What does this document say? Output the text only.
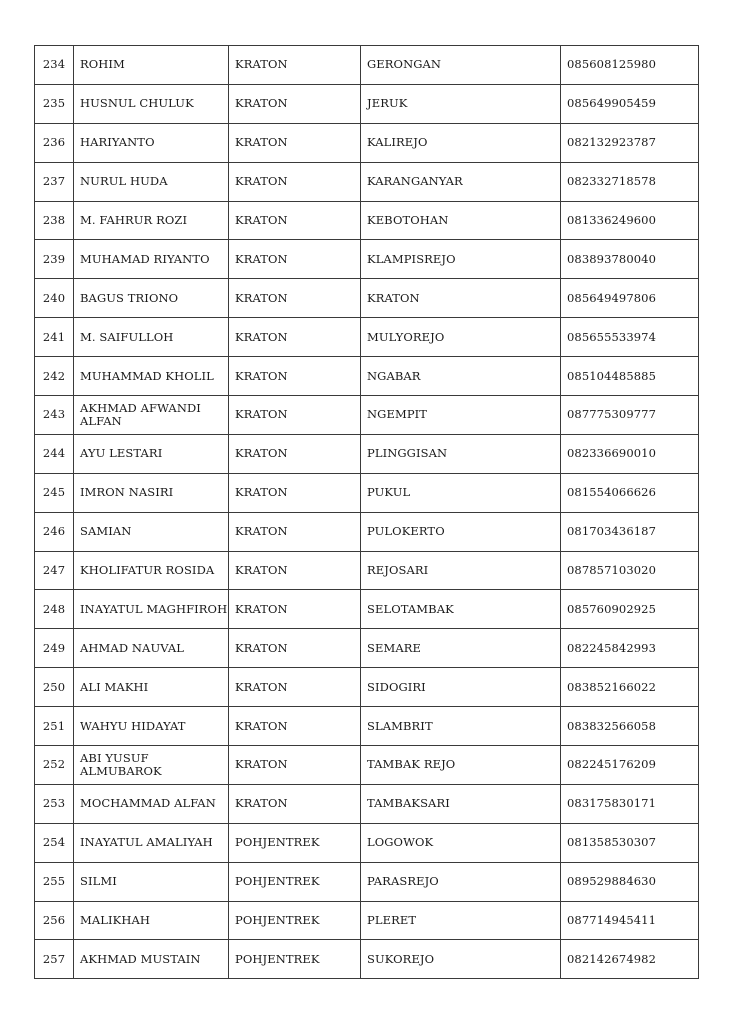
234	ROHIM	KRATON	GERONGAN	085608125980
235	HUSNUL CHULUK	KRATON	JERUK	085649905459
236	HARIYANTO	KRATON	KALIREJO	082132923787
237	NURUL HUDA	KRATON	KARANGANYAR	082332718578
238	M. FAHRUR ROZI	KRATON	KEBOTOHAN	081336249600
239	MUHAMAD RIYANTO	KRATON	KLAMPISREJO	083893780040
240	BAGUS TRIONO	KRATON	KRATON	085649497806
241	M. SAIFULLOH	KRATON	MULYOREJO	085655533974
242	MUHAMMAD KHOLIL	KRATON	NGABAR	085104485885
243	AKHMAD AFWANDI ALFAN	KRATON	NGEMPIT	087775309777
244	AYU LESTARI	KRATON	PLINGGISAN	082336690010
245	IMRON NASIRI	KRATON	PUKUL	081554066626
246	SAMIAN	KRATON	PULOKERTO	081703436187
247	KHOLIFATUR ROSIDA	KRATON	REJOSARI	087857103020
248	INAYATUL MAGHFIROH	KRATON	SELOTAMBAK	085760902925
249	AHMAD NAUVAL	KRATON	SEMARE	082245842993
250	ALI MAKHI	KRATON	SIDOGIRI	083852166022
251	WAHYU HIDAYAT	KRATON	SLAMBRIT	083832566058
252	ABI YUSUF ALMUBAROK	KRATON	TAMBAK REJO	082245176209
253	MOCHAMMAD ALFAN	KRATON	TAMBAKSARI	083175830171
254	INAYATUL AMALIYAH	POHJENTREK	LOGOWOK	081358530307
255	SILMI	POHJENTREK	PARASREJO	089529884630
256	MALIKHAH	POHJENTREK	PLERET	087714945411
257	AKHMAD MUSTAIN	POHJENTREK	SUKOREJO	082142674982
